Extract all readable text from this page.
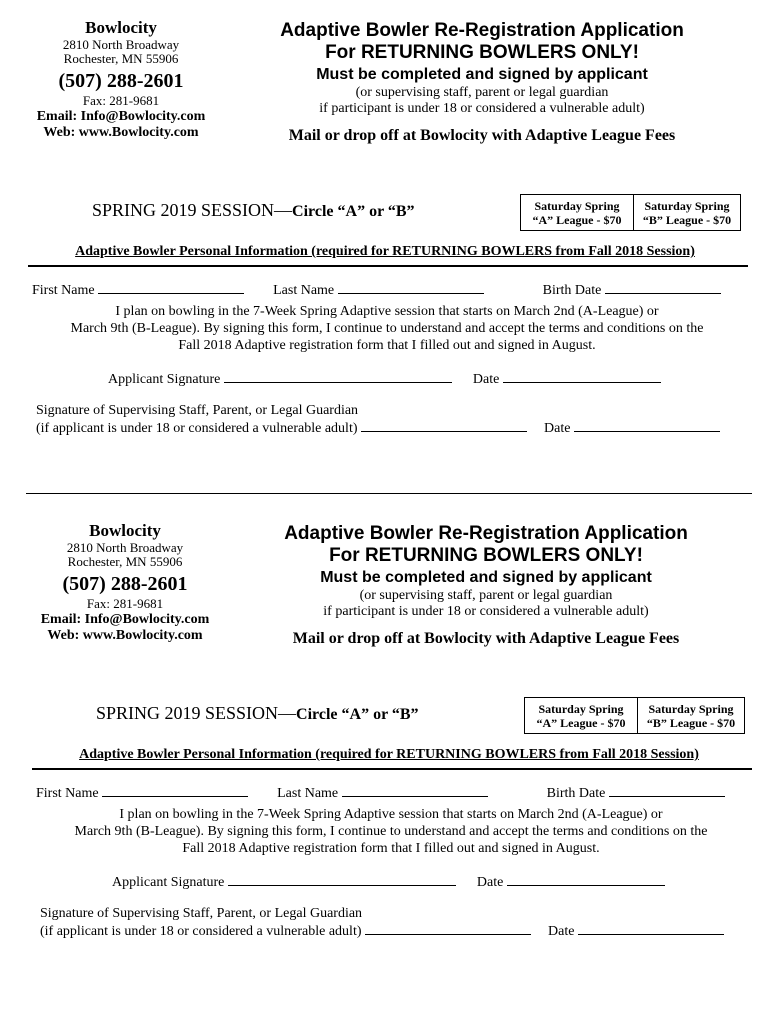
Bowlocity
2810 North Broadway
Rochester, MN 55906
(507) 288-2601
Fax: 281-9681
Email: Info@Bowlocity.com
Web: www.Bowlocity.com
Adaptive Bowler Re-Registration Application
For RETURNING BOWLERS ONLY!
Must be completed and signed by applicant
(or supervising staff, parent or legal guardian
if participant is under 18 or considered a vulnerable adult)
Mail or drop off at Bowlocity with Adaptive League Fees
SPRING 2019 SESSION—Circle “A” or “B”	Saturday Spring
“A” League - $70
Saturday Spring
“B” League - $70
Adaptive Bowler Personal Information (required for RETURNING BOWLERS from Fall 2018 Session)
First Name	Last Name	Birth Date
I plan on bowling in the 7-Week Spring Adaptive session that starts on March 2nd (A-League) or
March 9th (B-League). By signing this form, I continue to understand and accept the terms and conditions on the
Fall 2018 Adaptive registration form that I filled out and signed in August.
Applicant Signature	Date
Signature of Supervising Staff, Parent, or Legal Guardian
(if applicant is under 18 or considered a vulnerable adult)	Date
Bowlocity
2810 North Broadway
Rochester, MN 55906
(507) 288-2601
Fax: 281-9681
Email: Info@Bowlocity.com
Web: www.Bowlocity.com
Adaptive Bowler Re-Registration Application
For RETURNING BOWLERS ONLY!
Must be completed and signed by applicant
(or supervising staff, parent or legal guardian
if participant is under 18 or considered a vulnerable adult)
Mail or drop off at Bowlocity with Adaptive League Fees
SPRING 2019 SESSION—Circle “A” or “B”	Saturday Spring
“A” League - $70
Saturday Spring
“B” League - $70
Adaptive Bowler Personal Information (required for RETURNING BOWLERS from Fall 2018 Session)
First Name	Last Name	Birth Date
I plan on bowling in the 7-Week Spring Adaptive session that starts on March 2nd (A-League) or
March 9th (B-League). By signing this form, I continue to understand and accept the terms and conditions on the
Fall 2018 Adaptive registration form that I filled out and signed in August.
Applicant Signature	Date
Signature of Supervising Staff, Parent, or Legal Guardian
(if applicant is under 18 or considered a vulnerable adult)	Date
